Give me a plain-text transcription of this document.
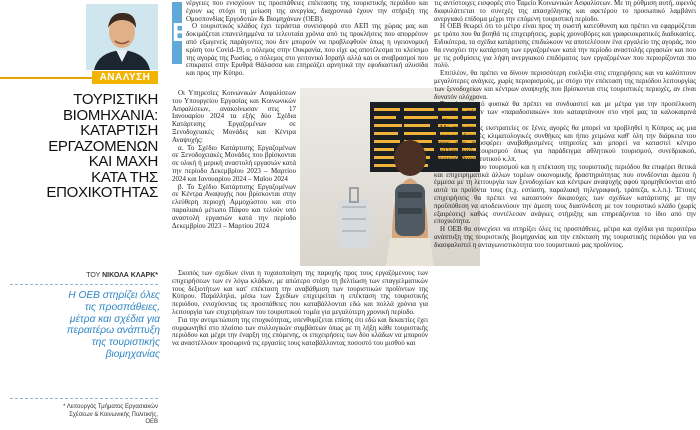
ΑΝΑΛΥΣΗ
ΤΟΥΡΙΣΤΙΚΗ
ΒΙΟΜΗΧΑΝΙΑ:
ΚΑΤΑΡΤΙΣΗ
ΕΡΓΑΖΟΜΕΝΩΝ
ΚΑΙ ΜΑΧΗ
ΚΑΤΑ ΤΗΣ
ΕΠΟΧΙΚΟΤΗΤΑΣ
ΤΟΥ ΝΙΚΟΛΑ ΚΛΑΡΚ*
Η ΟΕΒ στηρίζει όλες
τις προσπάθειες,
μέτρα και σχέδια για
περαιτέρω ανάπτυξη
της τουριστικής
βιομηχανίας
* Λειτουργός Τμήματος Εργασιακών
Σχέσεων & Κοινωνικής Πολιτικής,
ΟΕΒ
Ε

νέργειες που ενισχύουν τις προσπάθειες επέκτασης της τουριστικής περιόδου και έχουν ως στόχο τη μείωση της ανεργίας, διαχρονικά έχουν την στήριξη της Ομοσπονδίας Εργοδοτών & Βιομηχάνων (ΟΕΒ).

Ο τουριστικός κλάδος έχει τεράστια συνεισφορά στο ΑΕΠ της χώρας μας και δοκιμάζεται επανειλημμένα τα τελευταία χρόνια από τις προκλήσεις που απορρέουν από εξωγενείς παράγοντες που δεν μπορούν να προβλεφθούν όπως η υγειονομική κρίση του Covid-19, ο πόλεμος στην Ουκρανία, που είχε ως αποτέλεσμα το κλείσιμο της αγοράς της Ρωσίας, ο πόλεμος στο γειτονικό Ισραήλ αλλά και οι αναβρασμοί που επικρατεί στην Ερυθρά Θάλασσα και επηρεάζει αρνητικά την εφοδιαστική αλυσίδα και προς την Κύπρο.

Οι Υπηρεσίες Κοινωνικών Ασφαλίσεων του Υπουργείου Εργασίας και Κοινωνικών Ασφαλίσεων, ανακοίνωσαν στις 17 Ιανουαρίου 2024 τα εξής δύο Σχέδια Κατάρτισης Εργαζομένων σε Ξενοδοχειακές Μονάδες και Κέντρα Αναψυχής:

α. Το Σχέδιο Κατάρτισης Εργαζομένων σε Ξενοδοχειακές Μονάδες που βρίσκονται σε ολική ή μερική αναστολή εργασιών κατά την περίοδο Δεκεμβρίου 2023 – Μαρτίου 2024 και Ιανουαρίου 2024 – Μαΐου 2024

β. Το Σχέδιο Κατάρτισης Εργαζομένων σε Κέντρα Αναψυχής που βρίσκονται στην ελεύθερη περιοχή Αμμοχώστου και στο παραλιακό μέτωπο Πάφου και τελούν υπό αναστολή εργασιών κατά την περίοδο Δεκεμβρίου 2023 – Μαρτίου 2024

Σκοπός των σχεδίων είναι η τυχαιοποίηση της παροχής προς τους εργαζόμενους των επιχειρήσεων των εν λόγω κλάδων, με απώτερο στόχο τη βελτίωση των επαγγελματικών τους δεξιοτήτων και κατ' επέκταση την αναβάθμιση των τουριστικών προϊόντων της Κύπρου. Παράλληλα, μέσω των Σχεδίων επιχειρείται η επέκταση της τουριστικής περιόδου, ενισχύοντας τις προσπάθειες που καταβάλλονται εδώ και πολλά χρόνια για λειτουργία των επιχειρήσεων του τουριστικού τομέα για μεγαλύτερη χρονική περίοδο.

Για την αντιμετώπιση της εποχικότητας, υπενθυμίζεται επίσης ότι εδώ και δεκαετίες έχει συμφωνηθεί στο πλαίσιο των συλλογικών συμβάσεων όπως με τη λήξη κάθε τουριστικής περιόδου και μέχρι την έναρξη της επόμενης, οι επιχειρήσεις των δύο κλάδων να μπορούν να αναστέλλουν προσωρινά τις εργασίες τους καταβάλλοντας ποσοστό του μισθού και

τις αντίστοιχες εισφορές στο Ταμείο Κοινωνικών Ασφαλίσεων. Με τη ρύθμιση αυτή, αφενός διαφυλάττεται το συνεχές της απασχόλησης και αφετέρου το προσωπικό λαμβάνει ανεργιακό επίδομα μέχρι την επόμενη τουριστική περίοδο.

Η ΟΕΒ θεωρεί ότι το μέτρο είναι προς τη σωστή κατεύθυνση και πρέπει να εφαρμόζεται με τρόπο που θα βοηθά τις επιχειρήσεις, χωρίς χρονοβόρες και γραφειοκρατικές διαδικασίες. Ειδικότερα, τα σχέδια κατάρτισης επιδιώκουν να αποτελέσουν ένα εργαλείο της αγοράς, που θα ενισχύει την κατάρτιση των εργαζομένων κατά την περίοδο αναστολής εργασιών και που με τις ρυθμίσεις για λήψη ανεργιακού επιδόματος των εργαζομένων που περιορίζονται πιο πολύ.

Επιπλέον, θα πρέπει να δίνουν περισσότερη ευελιξία στις επιχειρήσεις και να καλύπτουν μεγαλύτερες ανάγκες, χωρίς περιορισμούς, με στόχο την επέκταση της περιόδου λειτουργίας των ξενοδοχείων και κέντρων αναψυχής που βρίσκονται στις τουριστικές περιοχές, αν είναι δυνατόν ολόχρονα.

Το μέτρο αυτό φυσικά θα πρέπει να συνδυαστεί και με μέτρα για την προσέλκυση τουριστών πέραν των «παραδοσιακών» που καταφτάνουν στο νησί μας τα καλοκαιρινά μόνο.

Με συσχετικές εκστρατείες σε ξένες αγορές θα μπορεί να προβληθεί η Κύπρος ως μια χώρα με ιδανικές κλιματολογικές συνθήκες και ήπιο χειμώνα καθ' όλη την διάρκεια του έτους που προσφέρει αναβαθμισμένες υπηρεσίες και μπορεί να καταστεί κέντρο εναλλακτικού τουρισμού όπως για παράδειγμα αθλητικού τουρισμού, συνεδριακού, ιατρικού, θρησκευτικού κ.λπ.

Η ανάπτυξη του τουρισμού και η επέκταση της τουριστικής περιόδου θα επιφέρει θετικά και επιχειρηματικά άλλων τομέων οικονομικής δραστηριότητας που συνδέονται άμεσα ή έμμεσα με τη λειτουργία των ξενοδοχείων και κέντρων αναψυχής αφού προμηθεύονται από αυτά τα προϊόντα τους (π.χ. εστίαση, παραλιακή τηλεγραφική, τράπεζα, κ.λ.π.). Τέτοιες επιχειρήσεις θα πρέπει να καταστούν δικαιούχες των σχεδίων κατάρτισης με την προϋπόθεση να αποδεικνύουν την άμεση τους διασύνδεση με τον τουριστικό κλάδο (χωρίς εξαιρέσεις) καθώς συντέλεσαν ανάγκες στήριξης και επηρεάζονται το ίδιο από την εποχικότητα.

Η ΟΕΒ θα συνεχίσει να στηρίζει όλες τις προσπάθειες, μέτρα και σχέδια για περαιτέρω ανάπτυξη της τουριστικής βιομηχανίας και την επέκταση της τουριστικής περιόδου για να διασφαλιστεί η ανταγωνιστικότητα του τουριστικού μας προϊόντος.
